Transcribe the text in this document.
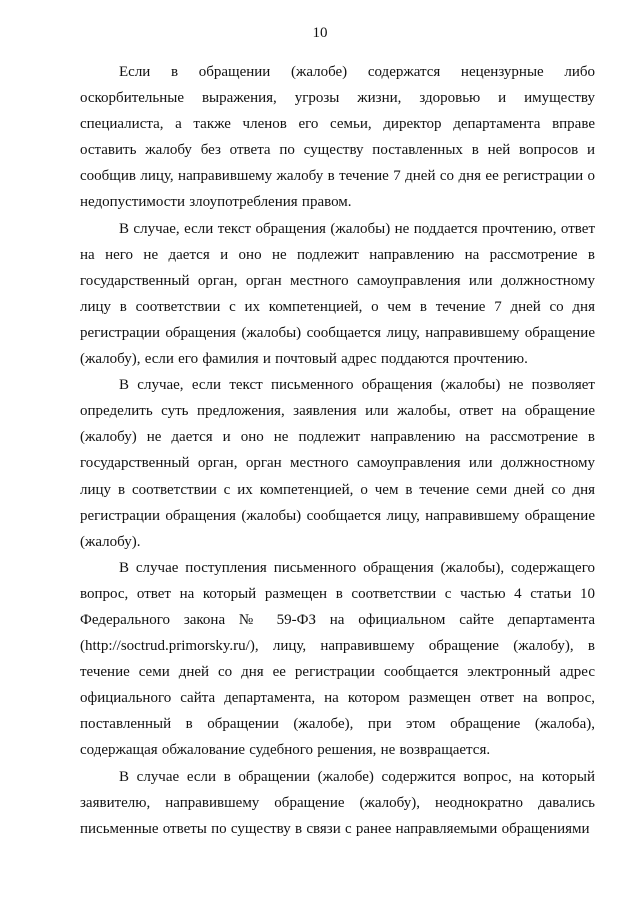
10

Если в обращении (жалобе) содержатся нецензурные либо оскорбительные выражения, угрозы жизни, здоровью и имуществу специалиста, а также членов его семьи, директор департамента вправе оставить жалобу без ответа по существу поставленных в ней вопросов и сообщив лицу, направившему жалобу в течение 7 дней со дня ее регистрации о недопустимости злоупотребления правом.

В случае, если текст обращения (жалобы) не поддается прочтению, ответ на него не дается и оно не подлежит направлению на рассмотрение в государственный орган, орган местного самоуправления или должностному лицу в соответствии с их компетенцией, о чем в течение 7 дней со дня регистрации обращения (жалобы) сообщается лицу, направившему обращение (жалобу), если его фамилия и почтовый адрес поддаются прочтению.

В случае, если текст письменного обращения (жалобы) не позволяет определить суть предложения, заявления или жалобы, ответ на обращение (жалобу) не дается и оно не подлежит направлению на рассмотрение в государственный орган, орган местного самоуправления или должностному лицу в соответствии с их компетенцией, о чем в течение семи дней со дня регистрации обращения (жалобы) сообщается лицу, направившему обращение (жалобу).

В случае поступления письменного обращения (жалобы), содержащего вопрос, ответ на который размещен в соответствии с частью 4 статьи 10 Федерального закона № 59-ФЗ на официальном сайте департамента (http://soctrud.primorsky.ru/), лицу, направившему обращение (жалобу), в течение семи дней со дня ее регистрации сообщается электронный адрес официального сайта департамента, на котором размещен ответ на вопрос, поставленный в обращении (жалобе), при этом обращение (жалоба), содержащая обжалование судебного решения, не возвращается.

В случае если в обращении (жалобе) содержится вопрос, на который заявителю, направившему обращение (жалобу), неоднократно давались письменные ответы по существу в связи с ранее направляемыми обращениями
